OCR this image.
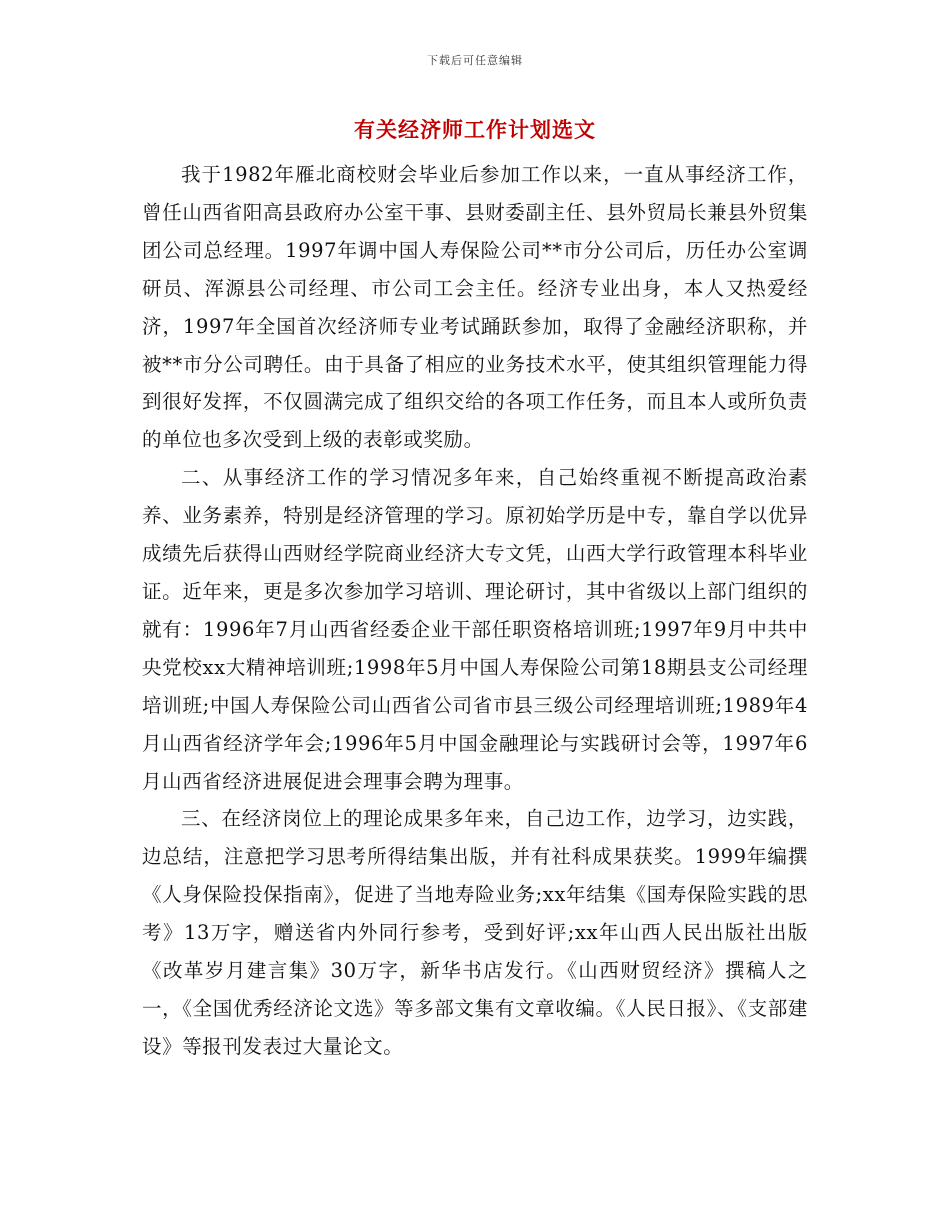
下载后可任意编辑
有关经济师工作计划选文

我于1982年雁北商校财会毕业后参加工作以来，一直从事经济工作，曾任山西省阳高县政府办公室干事、县财委副主任、县外贸局长兼县外贸集团公司总经理。1997年调中国人寿保险公司**市分公司后，历任办公室调研员、浑源县公司经理、市公司工会主任。经济专业出身，本人又热爱经济，1997年全国首次经济师专业考试踊跃参加，取得了金融经济职称，并被**市分公司聘任。由于具备了相应的业务技术水平，使其组织管理能力得到很好发挥，不仅圆满完成了组织交给的各项工作任务，而且本人或所负责的单位也多次受到上级的表彰或奖励。

二、从事经济工作的学习情况多年来，自己始终重视不断提高政治素养、业务素养，特别是经济管理的学习。原初始学历是中专，靠自学以优异成绩先后获得山西财经学院商业经济大专文凭，山西大学行政管理本科毕业证。近年来，更是多次参加学习培训、理论研讨，其中省级以上部门组织的就有：1996年7月山西省经委企业干部任职资格培训班;1997年9月中共中央党校xx大精神培训班;1998年5月中国人寿保险公司第18期县支公司经理培训班;中国人寿保险公司山西省公司省市县三级公司经理培训班;1989年4月山西省经济学年会;1996年5月中国金融理论与实践研讨会等，1997年6月山西省经济进展促进会理事会聘为理事。

三、在经济岗位上的理论成果多年来，自己边工作，边学习，边实践，边总结，注意把学习思考所得结集出版，并有社科成果获奖。1999年编撰《人身保险投保指南》，促进了当地寿险业务;xx年结集《国寿保险实践的思考》13万字，赠送省内外同行参考，受到好评;xx年山西人民出版社出版《改革岁月建言集》30万字，新华书店发行。《山西财贸经济》撰稿人之一，《全国优秀经济论文选》等多部文集有文章收编。《人民日报》、《支部建设》等报刊发表过大量论文。
